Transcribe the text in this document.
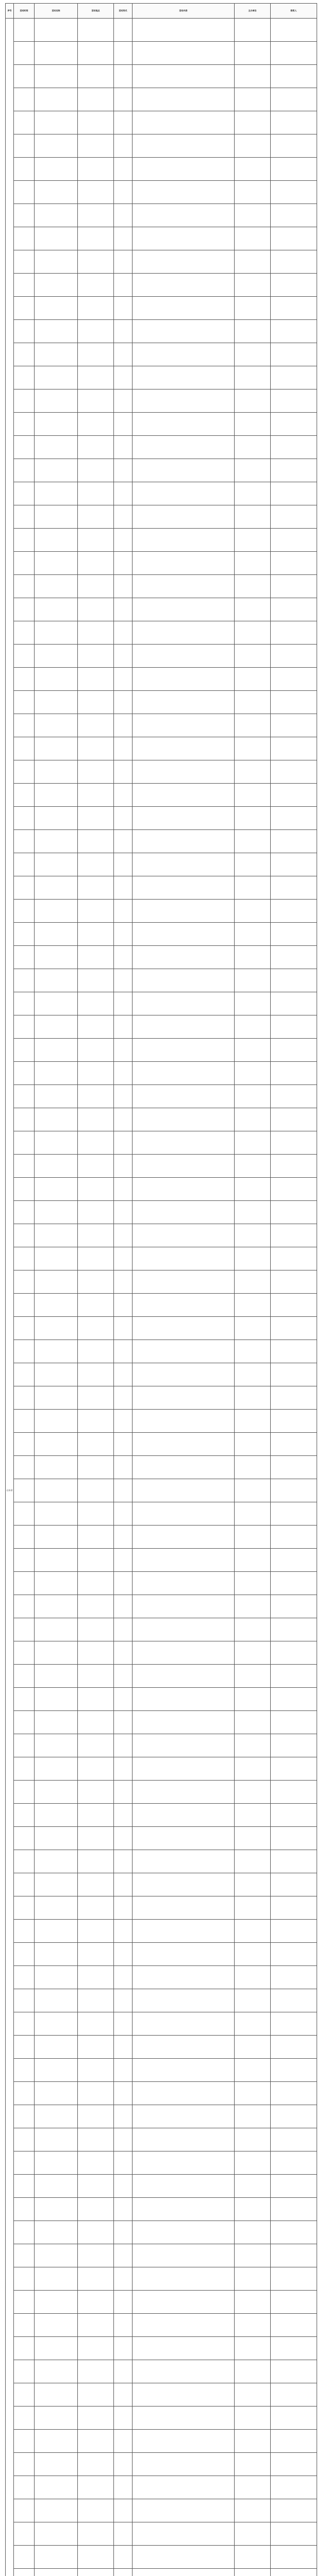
序号	活动时间	活动名称	活动地点	活动形式	活动内容	主办单位	联系人
山东省							
